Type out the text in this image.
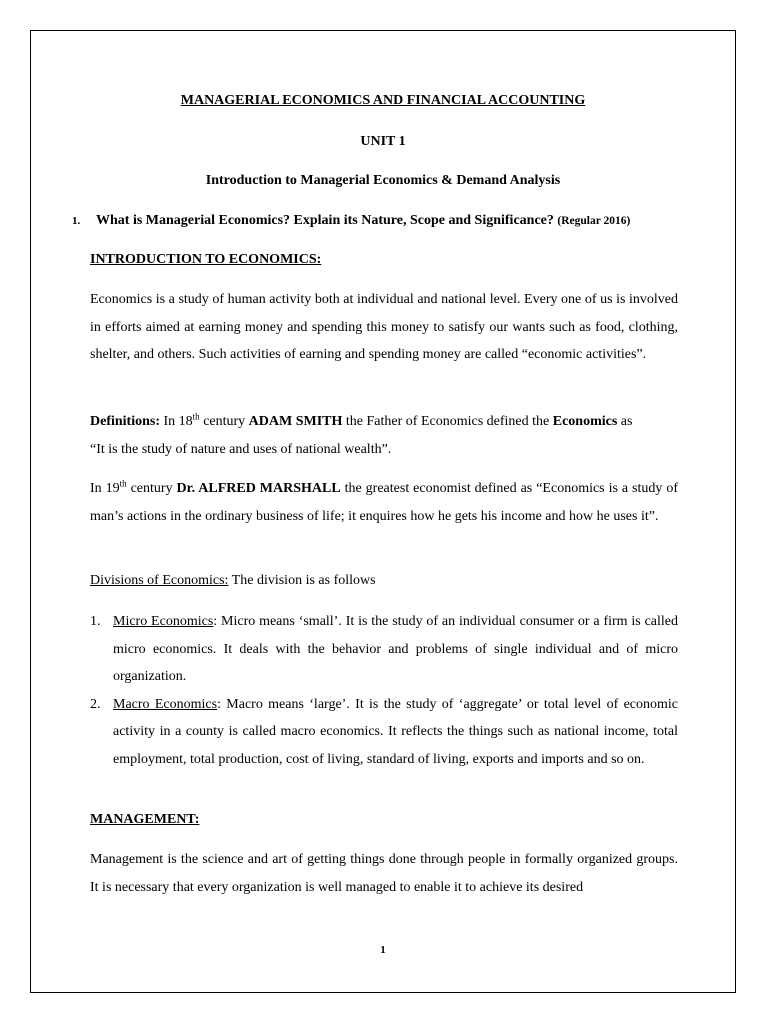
MANAGERIAL ECONOMICS AND FINANCIAL ACCOUNTING
UNIT 1
Introduction to Managerial Economics & Demand Analysis
1. What is Managerial Economics? Explain its Nature, Scope and Significance? (Regular 2016)
INTRODUCTION TO ECONOMICS:
Economics is a study of human activity both at individual and national level. Every one of us is involved in efforts aimed at earning money and spending this money to satisfy our wants such as food, clothing, shelter, and others. Such activities of earning and spending money are called “economic activities”.
Definitions: In 18th century ADAM SMITH the Father of Economics defined the Economics as
“It is the study of nature and uses of national wealth”.
In 19th century Dr. ALFRED MARSHALL the greatest economist defined as “Economics is a study of man’s actions in the ordinary business of life; it enquires how he gets his income and how he uses it”.
Divisions of Economics: The division is as follows
1. Micro Economics: Micro means ‘small’. It is the study of an individual consumer or a firm is called micro economics. It deals with the behavior and problems of single individual and of micro organization.
2. Macro Economics: Macro means ‘large’. It is the study of ‘aggregate’ or total level of economic activity in a county is called macro economics. It reflects the things such as national income, total employment, total production, cost of living, standard of living, exports and imports and so on.
MANAGEMENT:
Management is the science and art of getting things done through people in formally organized groups. It is necessary that every organization is well managed to enable it to achieve its desired
1
